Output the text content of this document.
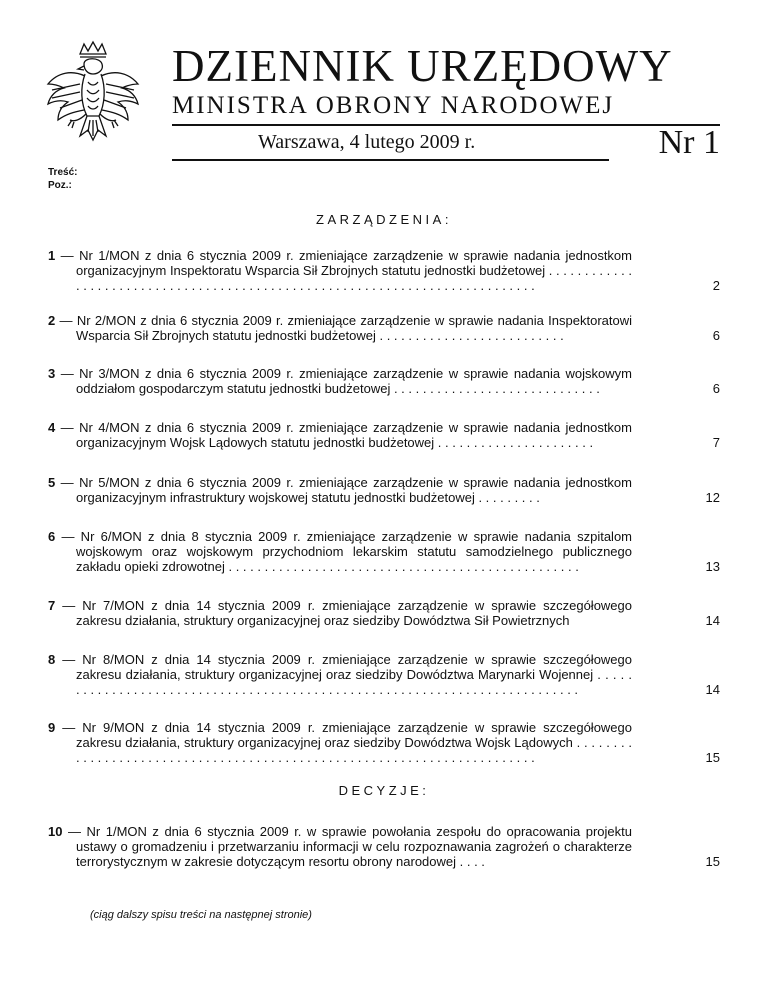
DZIENNIK URZĘDOWY
MINISTRA OBRONY NARODOWEJ
Warszawa, 4 lutego 2009 r.	Nr 1
Treść:
Poz.:
ZARZĄDZENIA:
1 — Nr 1/MON z dnia 6 stycznia 2009 r. zmieniające zarządzenie w sprawie nadania jednostkom organizacyjnym Inspektoratu Wsparcia Sił Zbrojnych statutu jednostki budżetowej . . . . . . . . . . . . . . . . . . . . . . . . . . . . . . . . . . . . . . . . . . . . . . . . . . . . . . . . . . . . . . . . . . . . . . . . . . . .	2
2 — Nr 2/MON z dnia 6 stycznia 2009 r. zmieniające zarządzenie w sprawie nadania Inspektoratowi Wsparcia Sił Zbrojnych statutu jednostki budżetowej . . . . . . . . . . . . . . . . . . . . . . . . . .	6
3 — Nr 3/MON z dnia 6 stycznia 2009 r. zmieniające zarządzenie w sprawie nadania wojskowym oddziałom gospodarczym statutu jednostki budżetowej . . . . . . . . . . . . . . . . . . . . . . . . . . . . .	6
4 — Nr 4/MON z dnia 6 stycznia 2009 r. zmieniające zarządzenie w sprawie nadania jednostkom organizacyjnym Wojsk Lądowych statutu jednostki budżetowej . . . . . . . . . . . . . . . . . . . . . .	7
5 — Nr 5/MON z dnia 6 stycznia 2009 r. zmieniające zarządzenie w sprawie nadania jednostkom organizacyjnym infrastruktury wojskowej statutu jednostki budżetowej . . . . . . . . .	12
6 — Nr 6/MON z dnia 8 stycznia 2009 r. zmieniające zarządzenie w sprawie nadania szpitalom wojskowym oraz wojskowym przychodniom lekarskim statutu samodzielnego publicznego zakładu opieki zdrowotnej . . . . . . . . . . . . . . . . . . . . . . . . . . . . . . . . . . . . . . . . . . . . . . . . .	13
7 — Nr 7/MON z dnia 14 stycznia 2009 r. zmieniające zarządzenie w sprawie szczegółowego zakresu działania, struktury organizacyjnej oraz siedziby Dowództwa Sił Powietrznych	14
8 — Nr 8/MON z dnia 14 stycznia 2009 r. zmieniające zarządzenie w sprawie szczegółowego zakresu działania, struktury organizacyjnej oraz siedziby Dowództwa Marynarki Wojennej . . . . . . . . . . . . . . . . . . . . . . . . . . . . . . . . . . . . . . . . . . . . . . . . . . . . . . . . . . . . . . . . . . . . . . . . . . .	14
9 — Nr 9/MON z dnia 14 stycznia 2009 r. zmieniające zarządzenie w sprawie szczegółowego zakresu działania, struktury organizacyjnej oraz siedziby Dowództwa Wojsk Lądowych . . . . . . . . . . . . . . . . . . . . . . . . . . . . . . . . . . . . . . . . . . . . . . . . . . . . . . . . . . . . . . . . . . . . . . . .	15
DECYZJE:
10 — Nr 1/MON z dnia 6 stycznia 2009 r. w sprawie powołania zespołu do opracowania projektu ustawy o gromadzeniu i przetwarzaniu informacji w celu rozpoznawania zagrożeń o charakterze terrorystycznym w zakresie dotyczącym resortu obrony narodowej . . . .	15
(ciąg dalszy spisu treści na następnej stronie)
